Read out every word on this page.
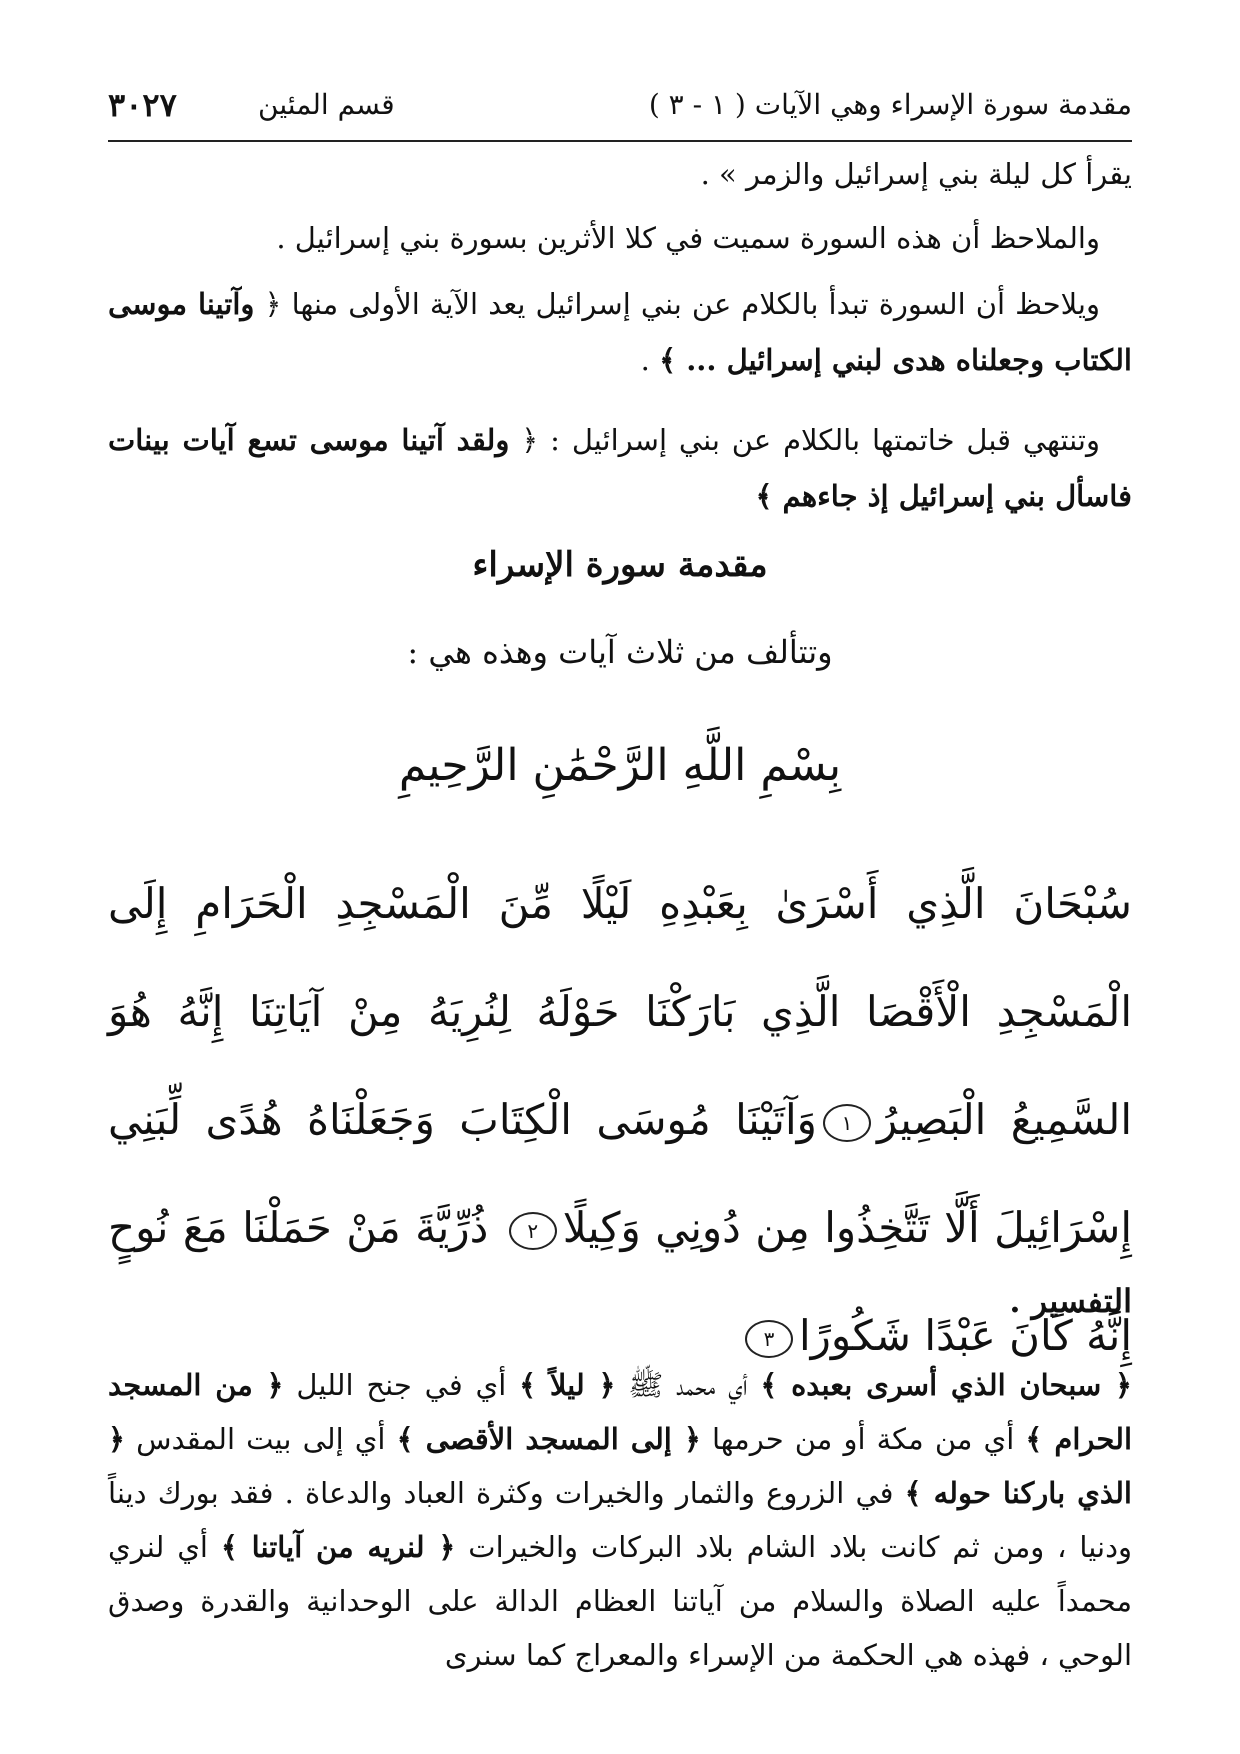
مقدمة سورة الإسراء وهي الآيات ( ١ - ٣ )
قسم المئين
٣٠٢٧
يقرأ كل ليلة بني إسرائيل والزمر » .
والملاحظ أن هذه السورة سميت في كلا الأثرين بسورة بني إسرائيل .
ويلاحظ أن السورة تبدأ بالكلام عن بني إسرائيل يعد الآية الأولى منها ﴿ وآتينا موسى الكتاب وجعلناه هدى لبني إسرائيل ... ﴾ .
وتنتهي قبل خاتمتها بالكلام عن بني إسرائيل : ﴿ ولقد آتينا موسى تسع آيات بينات فاسأل بني إسرائيل إذ جاءهم ﴾
مقدمة سورة الإسراء
وتتألف من ثلاث آيات وهذه هي :
بِسْمِ اللَّهِ الرَّحْمَٰنِ الرَّحِيمِ
سُبْحَانَ الَّذِي أَسْرَىٰ بِعَبْدِهِ لَيْلًا مِّنَ الْمَسْجِدِ الْحَرَامِ إِلَى الْمَسْجِدِ الْأَقْصَا الَّذِي بَارَكْنَا حَوْلَهُ لِنُرِيَهُ مِنْ آيَاتِنَا إِنَّهُ هُوَ السَّمِيعُ الْبَصِيرُ١وَآتَيْنَا مُوسَى الْكِتَابَ وَجَعَلْنَاهُ هُدًى لِّبَنِي إِسْرَائِيلَ أَلَّا تَتَّخِذُوا مِن دُونِي وَكِيلًا٢ ذُرِّيَّةَ مَنْ حَمَلْنَا مَعَ نُوحٍ إِنَّهُ كَانَ عَبْدًا شَكُورًا٣
التفسير .
﴿ سبحان الذي أسرى بعبده ﴾ أي محمد ﷺ ﴿ ليلاً ﴾ أي في جنح الليل ﴿ من المسجد الحرام ﴾ أي من مكة أو من حرمها ﴿ إلى المسجد الأقصى ﴾ أي إلى بيت المقدس ﴿ الذي باركنا حوله ﴾ في الزروع والثمار والخيرات وكثرة العباد والدعاة . فقد بورك ديناً ودنيا ، ومن ثم كانت بلاد الشام بلاد البركات والخيرات ﴿ لنريه من آياتنا ﴾ أي لنري محمداً عليه الصلاة والسلام من آياتنا العظام الدالة على الوحدانية والقدرة وصدق الوحي ، فهذه هي الحكمة من الإسراء والمعراج كما سنرى
